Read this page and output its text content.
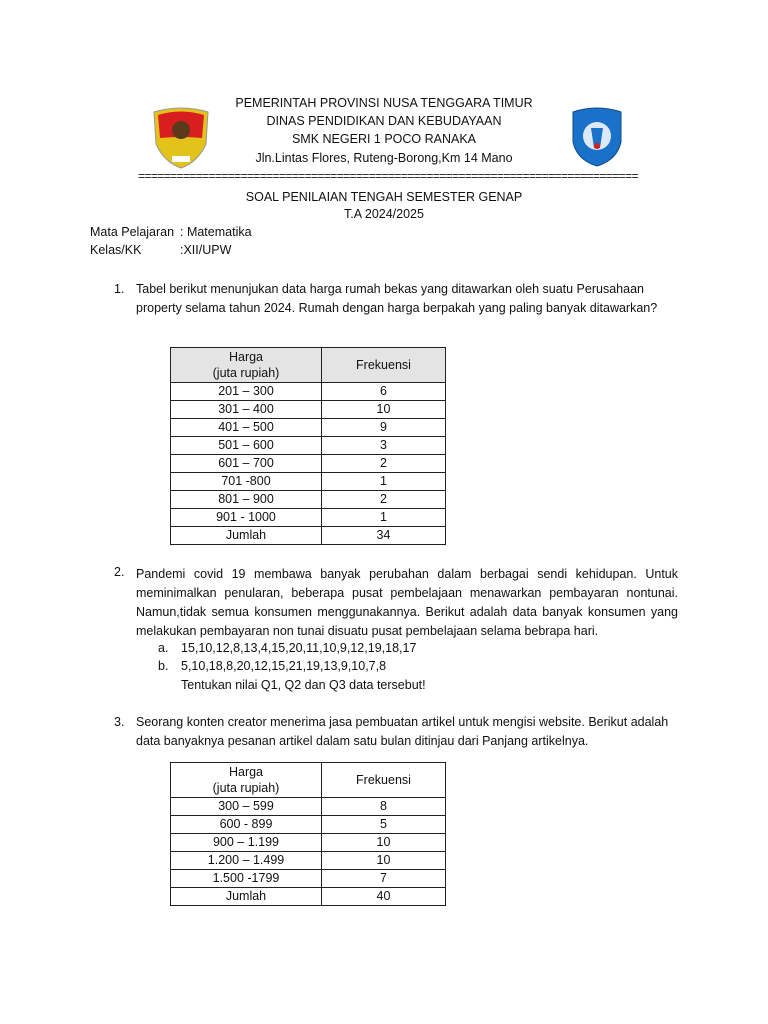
PEMERINTAH PROVINSI NUSA TENGGARA TIMUR
DINAS PENDIDIKAN DAN KEBUDAYAAN
SMK NEGERI 1 POCO RANAKA
Jln.Lintas Flores, Ruteng-Borong,Km 14 Mano
==============================================================================
SOAL PENILAIAN TENGAH SEMESTER GENAP
T.A 2024/2025
Mata Pelajaran : Matematika
Kelas/KK	:XII/UPW
1. Tabel berikut menunjukan data harga rumah bekas yang ditawarkan oleh suatu Perusahaan
property selama tahun 2024. Rumah dengan harga berpakah yang paling banyak ditawarkan?
Harga
(juta rupiah)	Frekuensi
201 – 300	6
301 – 400	10
401 – 500	9
501 – 600	3
601 – 700	2
701 -800	1
801 – 900	2
901 - 1000	1
Jumlah	34
2. Pandemi covid 19 membawa banyak perubahan dalam berbagai sendi kehidupan. Untuk meminimalkan penularan, beberapa pusat pembelajaan menawarkan pembayaran nontunai. Namun,tidak semua konsumen menggunakannya. Berikut adalah data banyak konsumen yang melakukan pembayaran non tunai disuatu pusat pembelajaan selama bebrapa hari.
a. 15,10,12,8,13,4,15,20,11,10,9,12,19,18,17
b. 5,10,18,8,20,12,15,21,19,13,9,10,7,8
Tentukan nilai Q1, Q2 dan Q3 data tersebut!
3. Seorang konten creator menerima jasa pembuatan artikel untuk mengisi website. Berikut adalah
data banyaknya pesanan artikel dalam satu bulan ditinjau dari Panjang artikelnya.
Harga
(juta rupiah)	Frekuensi
300 – 599	8
600 - 899	5
900 – 1.199	10
1.200 – 1.499	10
1.500 -1799	7
Jumlah	40
